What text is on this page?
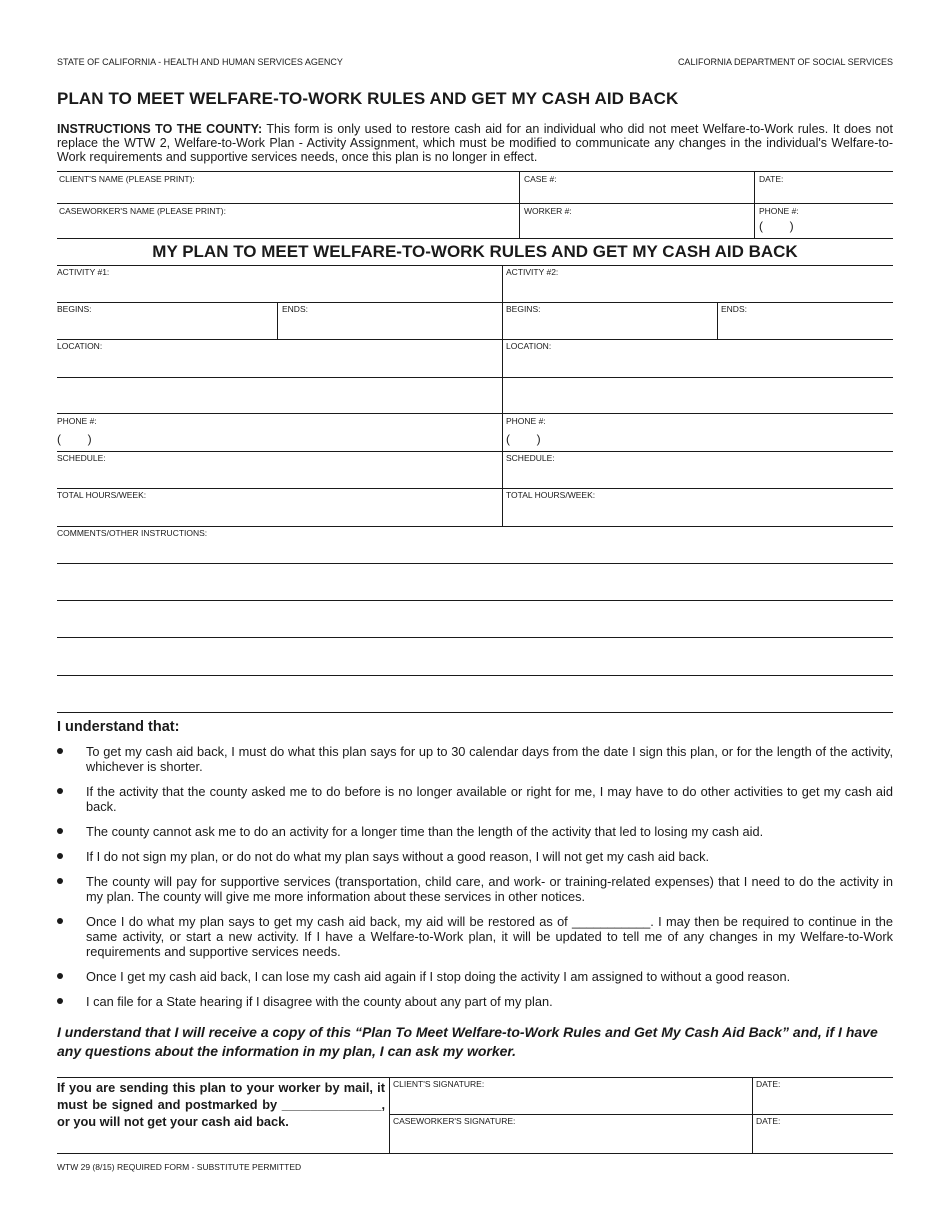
STATE OF CALIFORNIA - HEALTH AND HUMAN SERVICES AGENCY	CALIFORNIA DEPARTMENT OF SOCIAL SERVICES
PLAN TO MEET WELFARE-TO-WORK RULES AND GET MY CASH AID BACK
INSTRUCTIONS TO THE COUNTY: This form is only used to restore cash aid for an individual who did not meet Welfare-to-Work rules. It does not replace the WTW 2, Welfare-to-Work Plan - Activity Assignment, which must be modified to communicate any changes in the individual's Welfare-to-Work requirements and supportive services needs, once this plan is no longer in effect.
CLIENT'S NAME (PLEASE PRINT):	CASE #:	DATE:
CASEWORKER'S NAME (PLEASE PRINT):	WORKER #:	PHONE #:
(        )
MY PLAN TO MEET WELFARE-TO-WORK RULES AND GET MY CASH AID BACK
ACTIVITY #1:	ACTIVITY #2:
BEGINS:	ENDS:	BEGINS:	ENDS:
LOCATION:	LOCATION:
PHONE #:
(        )
PHONE #:
(        )
SCHEDULE:	SCHEDULE:
TOTAL HOURS/WEEK:	TOTAL HOURS/WEEK:
COMMENTS/OTHER INSTRUCTIONS:
I understand that:
To get my cash aid back, I must do what this plan says for up to 30 calendar days from the date I sign this plan, or for the length of the activity, whichever is shorter.
If the activity that the county asked me to do before is no longer available or right for me, I may have to do other activities to get my cash aid back.
The county cannot ask me to do an activity for a longer time than the length of the activity that led to losing my cash aid.
If I do not sign my plan, or do not do what my plan says without a good reason, I will not get my cash aid back.
The county will pay for supportive services (transportation, child care, and work- or training-related expenses) that I need to do the activity in my plan. The county will give me more information about these services in other notices.
Once I do what my plan says to get my cash aid back, my aid will be restored as of ___________. I may then be required to continue in the same activity, or start a new activity. If I have a Welfare-to-Work plan, it will be updated to tell me of any changes in my Welfare-to-Work requirements and supportive services needs.
Once I get my cash aid back, I can lose my cash aid again if I stop doing the activity I am assigned to without a good reason.
I can file for a State hearing if I disagree with the county about any part of my plan.
I understand that I will receive a copy of this “Plan To Meet Welfare-to-Work Rules and Get My Cash Aid Back” and, if I have any questions about the information in my plan, I can ask my worker.
If you are sending this plan to your worker by mail, it must be signed and postmarked by ______________, or you will not get your cash aid back.
CLIENT'S SIGNATURE:	DATE:
CASEWORKER'S SIGNATURE:	DATE:
WTW 29 (8/15) REQUIRED FORM - SUBSTITUTE PERMITTED
